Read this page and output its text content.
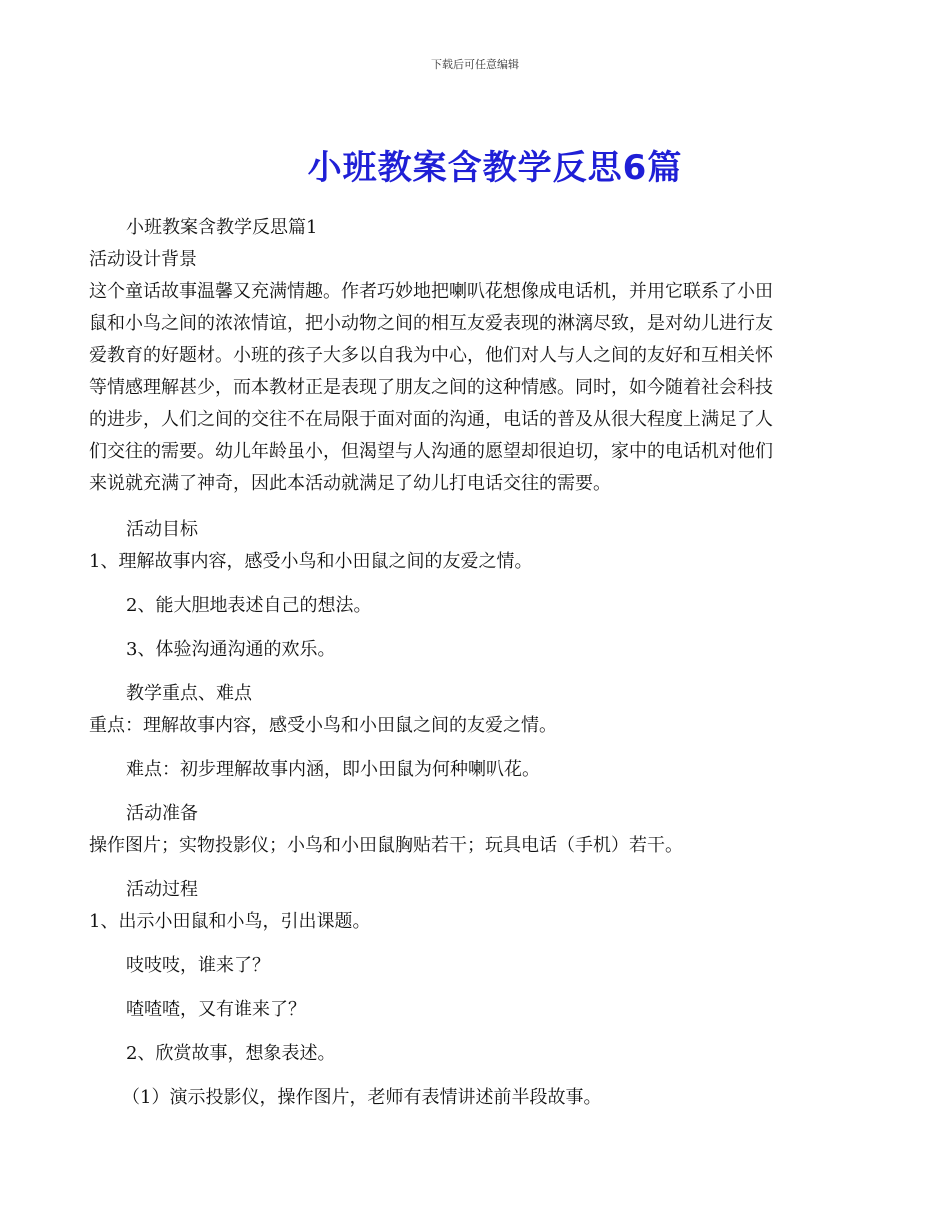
下载后可任意编辑
小班教案含教学反思6篇

小班教案含教学反思篇1

活动设计背景

这个童话故事温馨又充满情趣。作者巧妙地把喇叭花想像成电话机，并用它联系了小田

鼠和小鸟之间的浓浓情谊，把小动物之间的相互友爱表现的淋漓尽致，是对幼儿进行友

爱教育的好题材。小班的孩子大多以自我为中心，他们对人与人之间的友好和互相关怀

等情感理解甚少，而本教材正是表现了朋友之间的这种情感。同时，如今随着社会科技

的进步，人们之间的交往不在局限于面对面的沟通，电话的普及从很大程度上满足了人

们交往的需要。幼儿年龄虽小，但渴望与人沟通的愿望却很迫切，家中的电话机对他们

来说就充满了神奇，因此本活动就满足了幼儿打电话交往的需要。

活动目标

1、理解故事内容，感受小鸟和小田鼠之间的友爱之情。

2、能大胆地表述自己的想法。

3、体验沟通沟通的欢乐。

教学重点、难点

重点：理解故事内容，感受小鸟和小田鼠之间的友爱之情。

难点：初步理解故事内涵，即小田鼠为何种喇叭花。

活动准备

操作图片；实物投影仪；小鸟和小田鼠胸贴若干；玩具电话（手机）若干。

活动过程

1、出示小田鼠和小鸟，引出课题。

吱吱吱，谁来了？

喳喳喳，又有谁来了？

2、欣赏故事，想象表述。

（1）演示投影仪，操作图片，老师有表情讲述前半段故事。
